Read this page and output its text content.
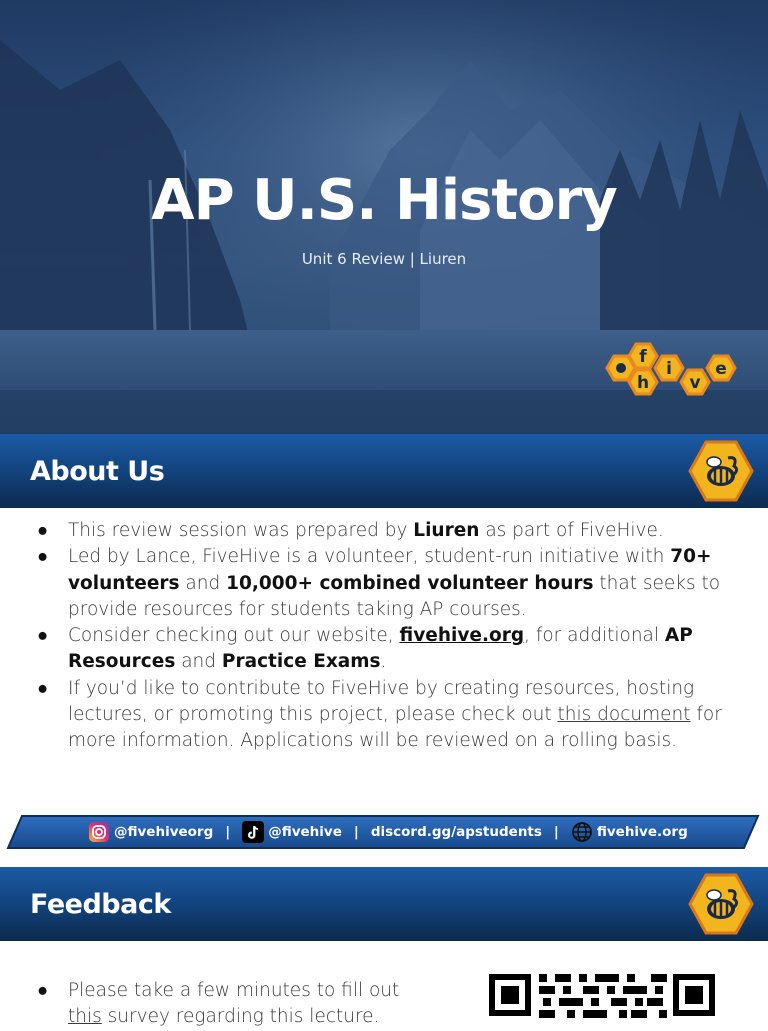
AP U.S. History
Unit 6 Review | Liuren
f
h
i
v
e
About Us
● This review session was prepared by Liuren as part of FiveHive.
● Led by Lance, FiveHive is a volunteer, student-run initiative with 70+ volunteers and 10,000+ combined volunteer hours that seeks to provide resources for students taking AP courses.
● Consider checking out our website, fivehive.org, for additional AP Resources and Practice Exams.
● If you’d like to contribute to FiveHive by creating resources, hosting lectures, or promoting this project, please check out this document for more information. Applications will be reviewed on a rolling basis.
@fivehiveorg |	@fivehive | discord.gg/apstudents |	fivehive.org
Feedback
● Please take a few minutes to fill out this survey regarding this lecture.
